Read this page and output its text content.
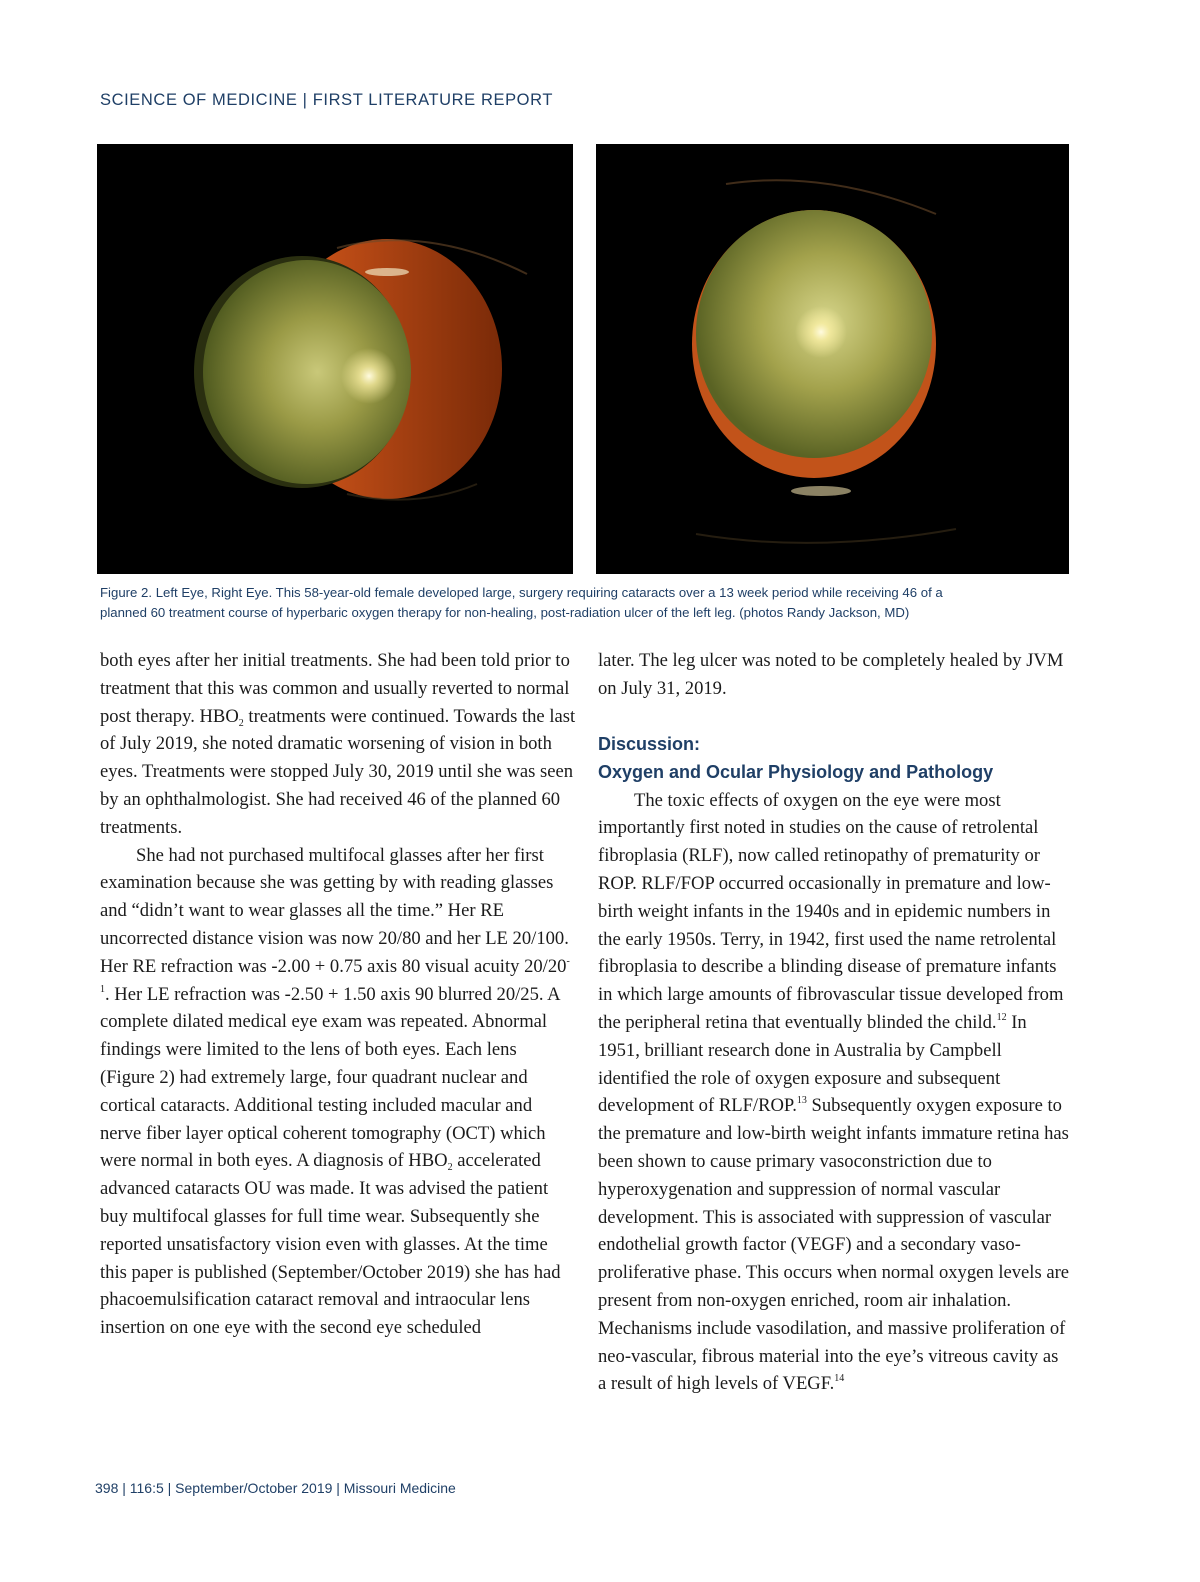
SCIENCE OF MEDICINE | FIRST LITERATURE REPORT
Figure 2. Left Eye, Right Eye. This 58-year-old female developed large, surgery requiring cataracts over a 13 week period while receiving 46 of a
planned 60 treatment course of hyperbaric oxygen therapy for non-healing, post-radiation ulcer of the left leg. (photos Randy Jackson, MD)

both eyes after her initial treatments. She had been told prior to treatment that this was common and usually reverted to normal post therapy. $HBO_2$ treatments were continued. Towards the last of July 2019, she noted dramatic worsening of vision in both eyes. Treatments were stopped July 30, 2019 until she was seen by an ophthalmologist. She had received 46 of the planned 60 treatments.

She had not purchased multifocal glasses after her first examination because she was getting by with reading glasses and “didn’t want to wear glasses all the time.” Her RE uncorrected distance vision was now 20/80 and her LE 20/100. Her RE refraction was -2.00 + 0.75 axis 80 visual acuity $20/20^{-1}$. Her LE refraction was -2.50 + 1.50 axis 90 blurred 20/25. A complete dilated medical eye exam was repeated. Abnormal findings were limited to the lens of both eyes. Each lens (Figure 2) had extremely large, four quadrant nuclear and cortical cataracts. Additional testing included macular and nerve fiber layer optical coherent tomography (OCT) which were normal in both eyes. A diagnosis of $HBO_2$ accelerated advanced cataracts OU was made. It was advised the patient buy multifocal glasses for full time wear. Subsequently she reported unsatisfactory vision even with glasses. At the time this paper is published (September/October 2019) she has had phacoemulsification cataract removal and intraocular lens insertion on one eye with the second eye scheduled

later. The leg ulcer was noted to be completely healed by JVM on July 31, 2019.

Discussion:
Oxygen and Ocular Physiology and Pathology

The toxic effects of oxygen on the eye were most importantly first noted in studies on the cause of retrolental fibroplasia (RLF), now called retinopathy of prematurity or ROP. RLF/FOP occurred occasionally in premature and low-birth weight infants in the 1940s and in epidemic numbers in the early 1950s. Terry, in 1942, first used the name retrolental fibroplasia to describe a blinding disease of premature infants in which large amounts of fibrovascular tissue developed from the peripheral retina that eventually blinded the child.$^{12}$ In 1951, brilliant research done in Australia by Campbell identified the role of oxygen exposure and subsequent development of RLF/ROP.$^{13}$ Subsequently oxygen exposure to the premature and low-birth weight infants immature retina has been shown to cause primary vasoconstriction due to hyperoxygenation and suppression of normal vascular development. This is associated with suppression of vascular endothelial growth factor (VEGF) and a secondary vaso-proliferative phase. This occurs when normal oxygen levels are present from non-oxygen enriched, room air inhalation. Mechanisms include vasodilation, and massive proliferation of neo-vascular, fibrous material into the eye’s vitreous cavity as a result of high levels of VEGF.$^{14}$

398 | 116:5 | September/October 2019 | Missouri Medicine
